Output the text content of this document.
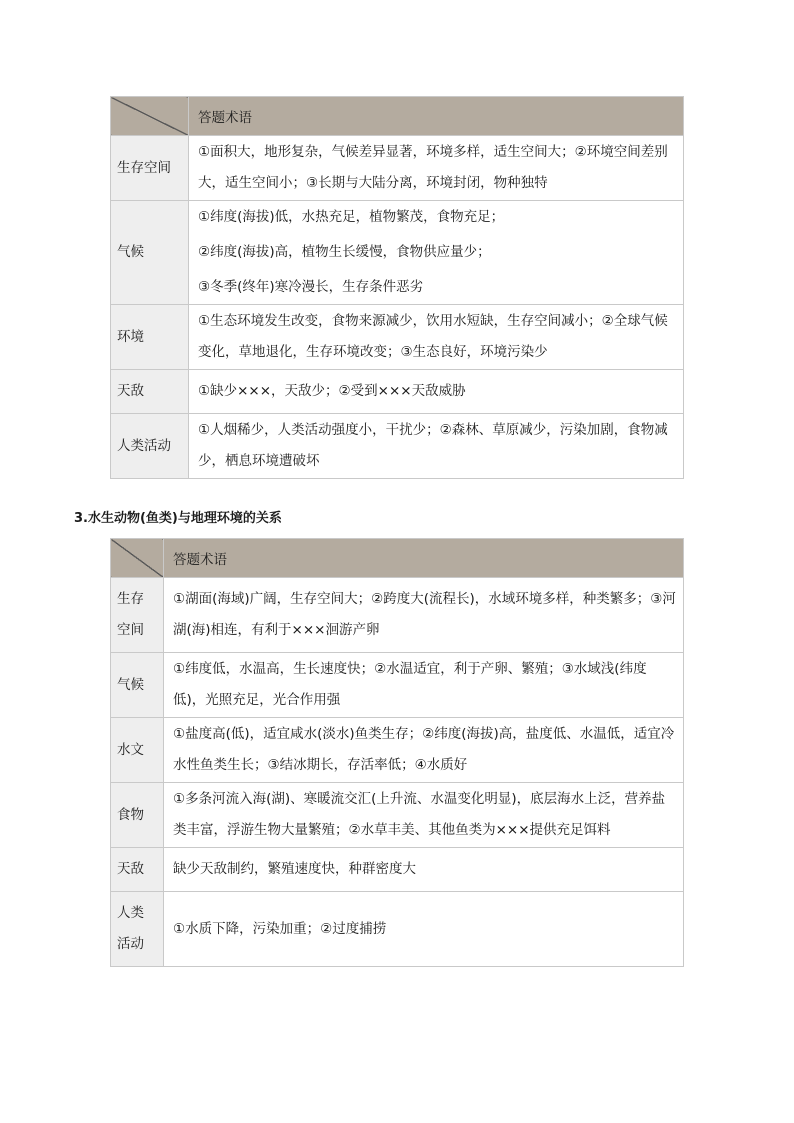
	答题术语
生存空间	①面积大，地形复杂，气候差异显著，环境多样，适生空间大；②环境空间差别大，适生空间小；③长期与大陆分离，环境封闭，物种独特

气候	①纬度(海拔)低，水热充足，植物繁茂，食物充足；
②纬度(海拔)高，植物生长缓慢，食物供应量少；
③冬季(终年)寒冷漫长，生存条件恶劣

环境	①生态环境发生改变，食物来源减少，饮用水短缺，生存空间减小；②全球气候变化，草地退化，生存环境改变；③生态良好，环境污染少

天敌	①缺少×××，天敌少；②受到×××天敌威胁

人类活动	①人烟稀少，人类活动强度小，干扰少；②森林、草原减少，污染加剧，食物减少，栖息环境遭破坏

3.水生动物(鱼类)与地理环境的关系

	答题术语
生存空间	①湖面(海域)广阔，生存空间大；②跨度大(流程长)，水域环境多样，种类繁多；③河湖(海)相连，有利于×××洄游产卵

气候	①纬度低，水温高，生长速度快；②水温适宜，利于产卵、繁殖；③水域浅(纬度低)，光照充足，光合作用强

水文	①盐度高(低)，适宜咸水(淡水)鱼类生存；②纬度(海拔)高，盐度低、水温低，适宜冷水性鱼类生长；③结冰期长，存活率低；④水质好

食物	①多条河流入海(湖)、寒暖流交汇(上升流、水温变化明显)，底层海水上泛，营养盐类丰富，浮游生物大量繁殖；②水草丰美、其他鱼类为×××提供充足饵料

天敌	缺少天敌制约，繁殖速度快，种群密度大

人类活动	①水质下降，污染加重；②过度捕捞
